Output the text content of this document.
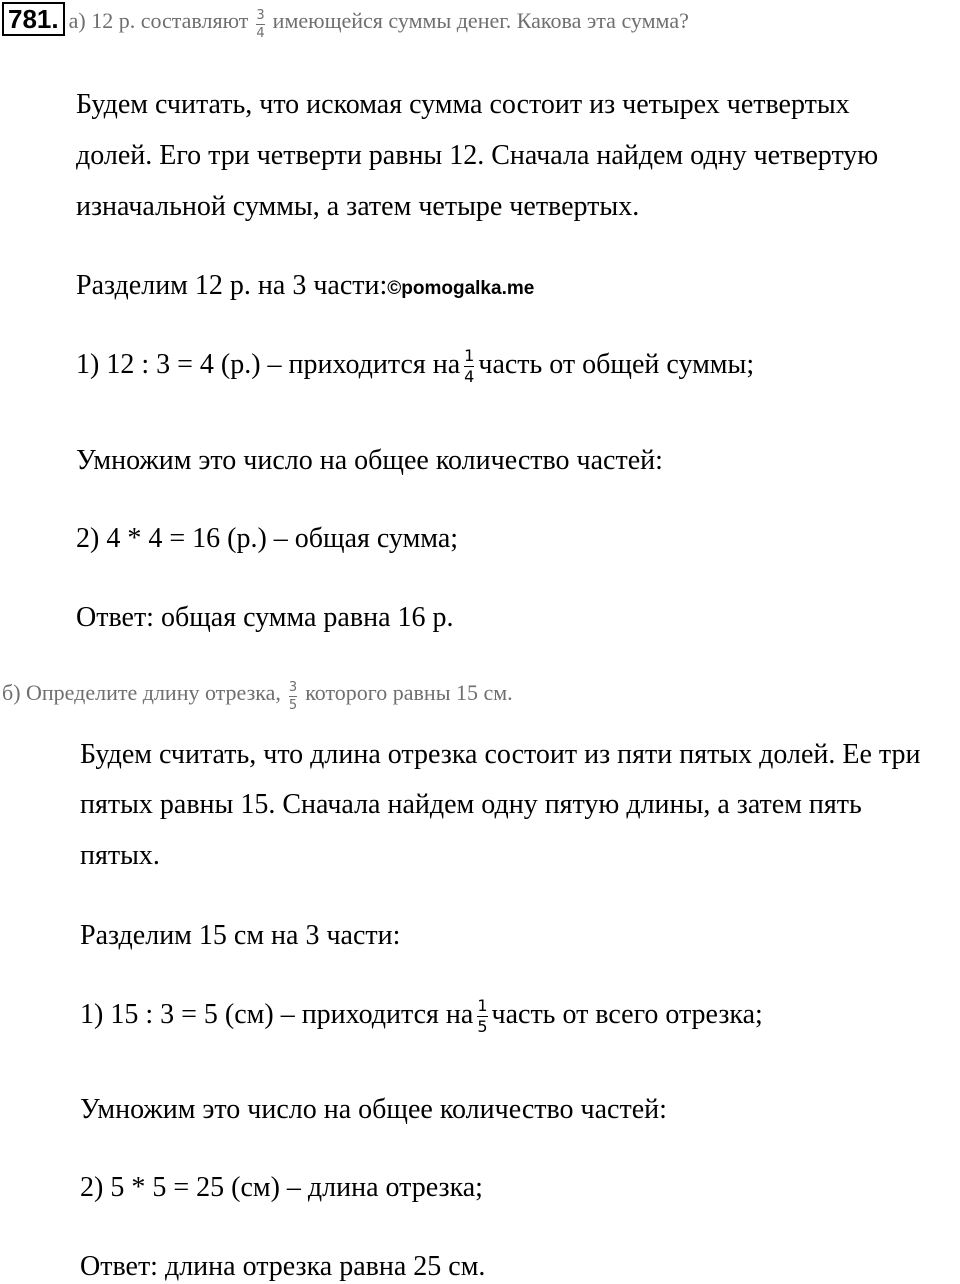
781. а) 12 р. составляют $\frac{3}{4}$ имеющейся суммы денег. Какова эта сумма?
Будем считать, что искомая сумма состоит из четырех четвертых
долей. Его три четверти равны 12. Сначала найдем одну четвертую
изначальной суммы, а затем четыре четвертых.
Разделим 12 р. на 3 части:©pomogalka.me
1) 12 : 3 = 4 (р.) – приходится на $\frac{1}{4}$ часть от общей суммы;
Умножим это число на общее количество частей:
2) 4 * 4 = 16 (р.) – общая сумма;
Ответ: общая сумма равна 16 р.
б) Определите длину отрезка, $\frac{3}{5}$ которого равны 15 см.
Будем считать, что длина отрезка состоит из пяти пятых долей. Ее три
пятых равны 15. Сначала найдем одну пятую длины, а затем пять
пятых.
Разделим 15 см на 3 части:
1) 15 : 3 = 5 (см) – приходится на $\frac{1}{5}$ часть от всего отрезка;
Умножим это число на общее количество частей:
2) 5 * 5 = 25 (см) – длина отрезка;
Ответ: длина отрезка равна 25 см.
